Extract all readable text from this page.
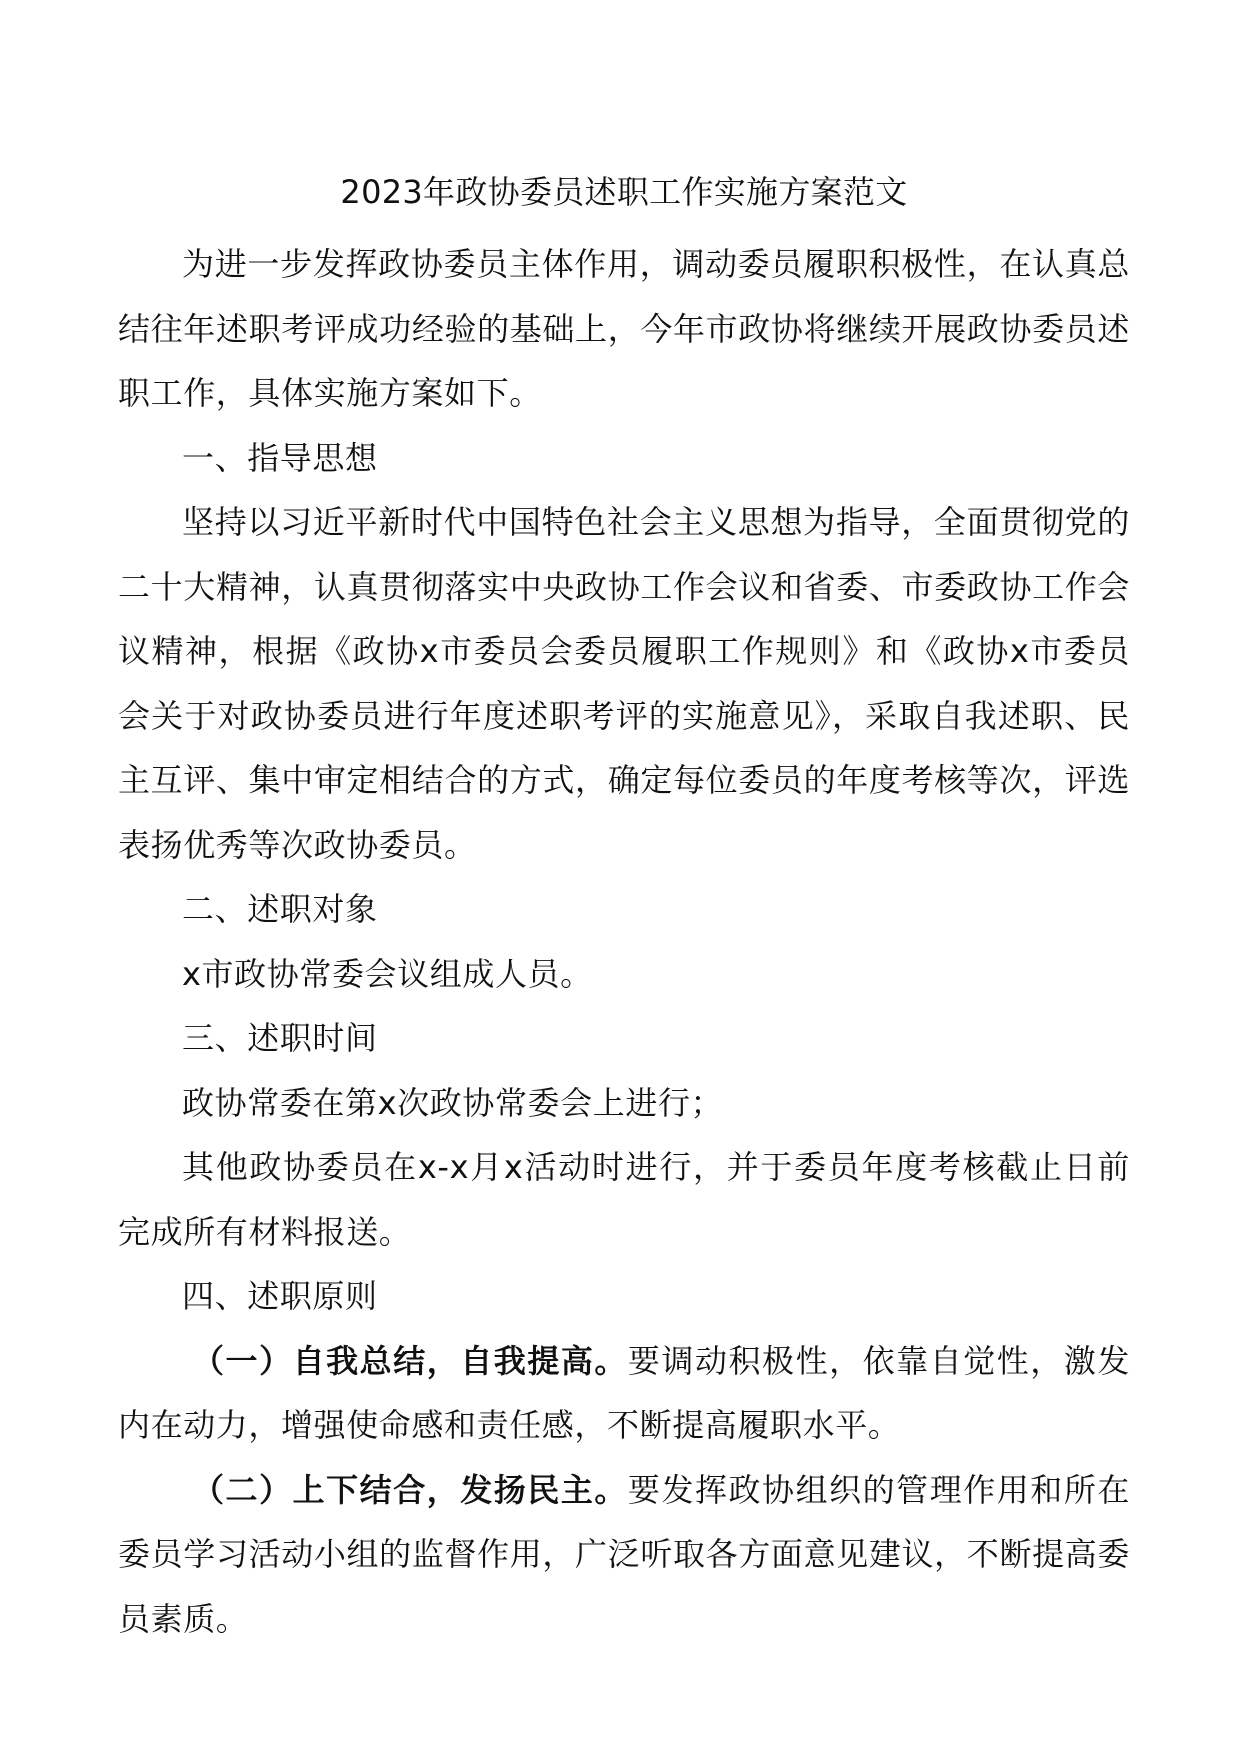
2023年政协委员述职工作实施方案范文

为进一步发挥政协委员主体作用，调动委员履职积极性，在认真总结往年述职考评成功经验的基础上，今年市政协将继续开展政协委员述职工作，具体实施方案如下。

一、指导思想

坚持以习近平新时代中国特色社会主义思想为指导，全面贯彻党的二十大精神，认真贯彻落实中央政协工作会议和省委、市委政协工作会议精神，根据《政协x市委员会委员履职工作规则》和《政协x市委员会关于对政协委员进行年度述职考评的实施意见》，采取自我述职、民主互评、集中审定相结合的方式，确定每位委员的年度考核等次，评选表扬优秀等次政协委员。

二、述职对象

x市政协常委会议组成人员。

三、述职时间

政协常委在第x次政协常委会上进行；

其他政协委员在x-x月x活动时进行，并于委员年度考核截止日前完成所有材料报送。

四、述职原则

（一）自我总结，自我提高。要调动积极性，依靠自觉性，激发内在动力，增强使命感和责任感，不断提高履职水平。

（二）上下结合，发扬民主。要发挥政协组织的管理作用和所在委员学习活动小组的监督作用，广泛听取各方面意见建议，不断提高委员素质。
